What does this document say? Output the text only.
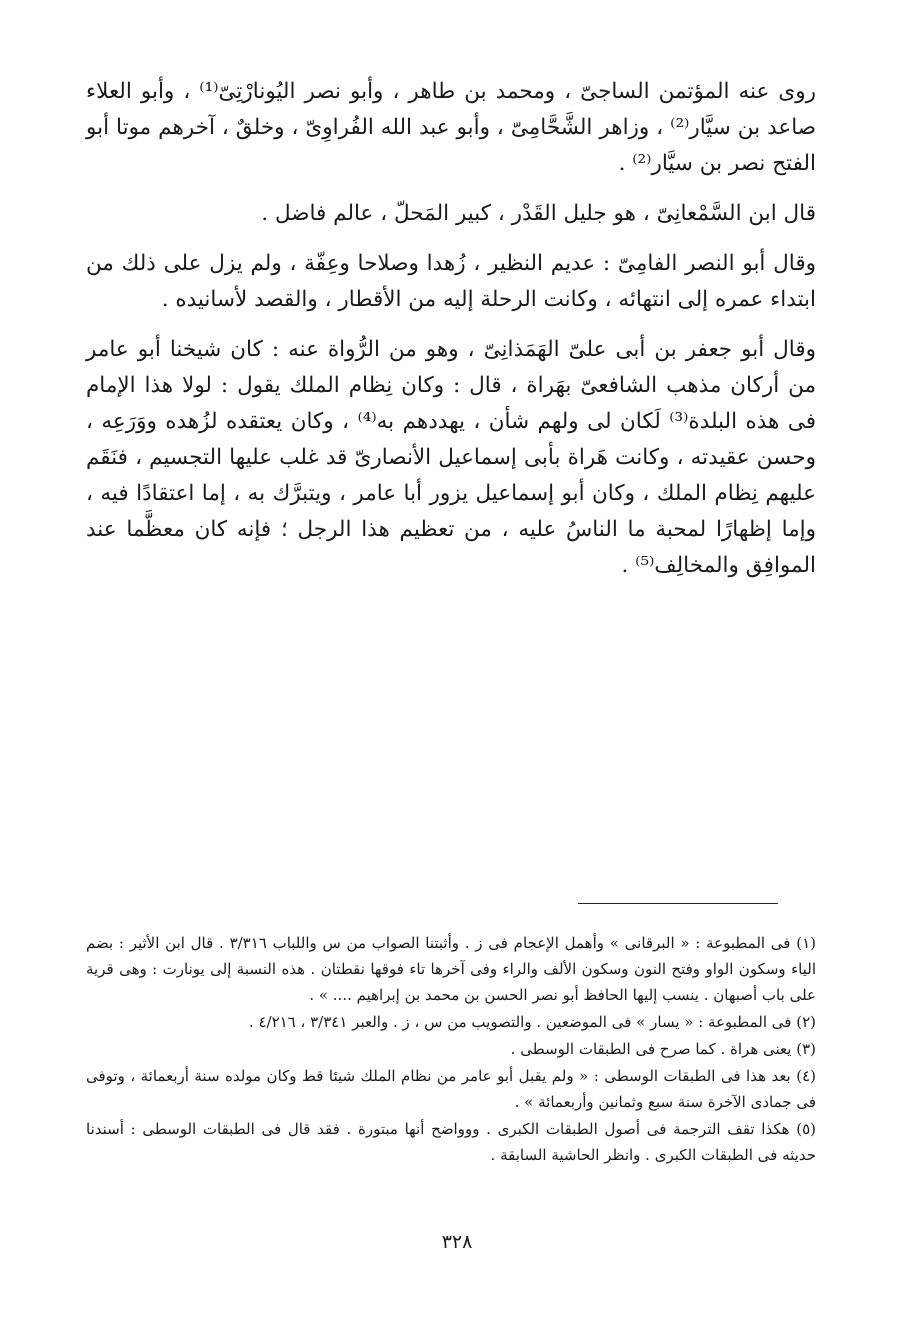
روى عنه المؤتمن الساجىّ ، ومحمد بن طاهر ، وأبو نصر اليُونارْتِىّ⁽¹⁾ ، وأبو العلاء صاعد بن سيَّار⁽²⁾ ، وزاهر الشَّحَّامِىّ ، وأبو عبد الله الفُراوِىّ ، وخلقٌ ، آخرهم موتا أبو الفتح نصر بن سيَّار⁽²⁾ .

قال ابن السَّمْعانِىّ ، هو جليل القَدْر ، كبير المَحلّ ، عالم فاضل .

وقال أبو النصر الفامِىّ : عديم النظير ، زُهدا وصلاحا وعِفّة ، ولم يزل على ذلك من ابتداء عمره إلى انتهائه ، وكانت الرحلة إليه من الأقطار ، والقصد لأسانيده .

وقال أبو جعفر بن أبى علىّ الهَمَذانِىّ ، وهو من الرُّواة عنه : كان شيخنا أبو عامر من أركان مذهب الشافعىّ بهَراة ، قال : وكان نِظام الملك يقول : لولا هذا الإمام فى هذه البلدة⁽³⁾ لَكان لى ولهم شأن ، يهددهم به⁽⁴⁾ ، وكان يعتقده لزُهده ووَرَعِه ، وحسن عقيدته ، وكانت هَراة بأبى إسماعيل الأنصارىّ قد غلب عليها التجسيم ، فنَقَم عليهم نِظام الملك ، وكان أبو إسماعيل يزور أبا عامر ، ويتبرَّك به ، إما اعتقادًا فيه ، وإما إظهارًا لمحبة ما الناسُ عليه ، من تعظيم هذا الرجل ؛ فإنه كان معظَّما عند الموافِق والمخالِف⁽⁵⁾ .

(١) فى المطبوعة : « البرقانى » وأهمل الإعجام فى ز . وأثبتنا الصواب من س واللباب ٣/٣١٦ . قال ابن الأثير : بضم الياء وسكون الواو وفتح النون وسكون الألف والراء وفى آخرها تاء فوقها نقطتان . هذه النسبة إلى يونارت : وهى قرية على باب أصبهان . ينسب إليها الحافظ أبو نصر الحسن بن محمد بن إبراهيم .... » .

(٢) فى المطبوعة : « يسار » فى الموضعين . والتصويب من س ، ز . والعبر ٣/٣٤١ ، ٤/٢١٦ .

(٣) يعنى هراة . كما صرح فى الطبقات الوسطى .

(٤) بعد هذا فى الطبقات الوسطى : « ولم يقبل أبو عامر من نظام الملك شيئا قط وكان مولده سنة أربعمائة ، وتوفى فى جمادى الآخرة سنة سبع وثمانين وأربعمائة » .

(٥) هكذا تقف الترجمة فى أصول الطبقات الكبرى . ووواضح أنها مبتورة . فقد قال فى الطبقات الوسطى : أسندنا حديثه فى الطبقات الكبرى . وانظر الحاشية السابقة .

٣٢٨
